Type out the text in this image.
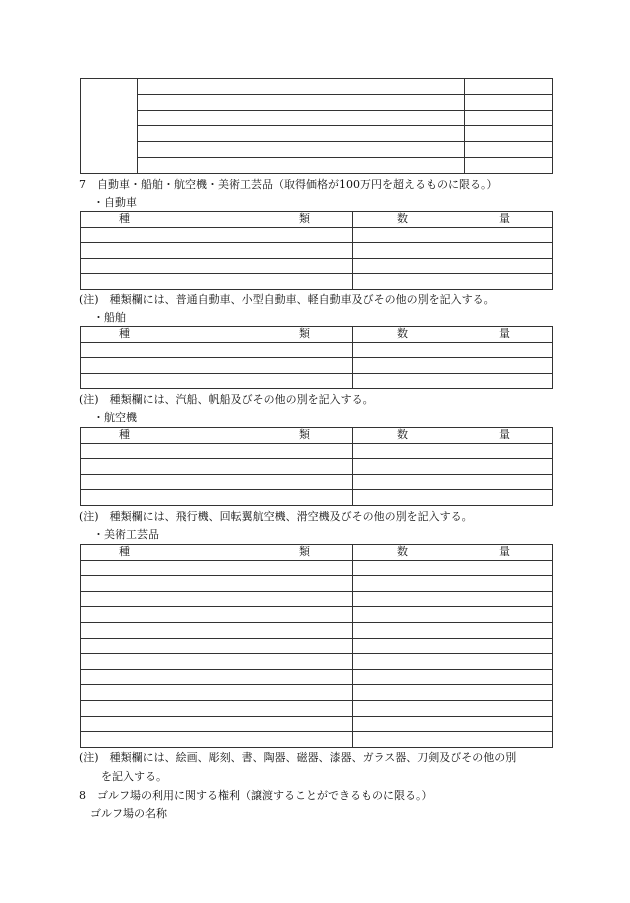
7　自動車・船舶・航空機・美術工芸品（取得価格が100万円を超えるものに限る。）
・自動車
種 類	数 量

(注)　種類欄には、普通自動車、小型自動車、軽自動車及びその他の別を記入する。
・船舶
種 類	数 量

(注)　種類欄には、汽船、帆船及びその他の別を記入する。
・航空機
種 類	数 量

(注)　種類欄には、飛行機、回転翼航空機、滑空機及びその他の別を記入する。
・美術工芸品
種 類	数 量

(注)　種類欄には、絵画、彫刻、書、陶器、磁器、漆器、ガラス器、刀剣及びその他の別
を記入する。
8　ゴルフ場の利用に関する権利（譲渡することができるものに限る。）
ゴルフ場の名称
